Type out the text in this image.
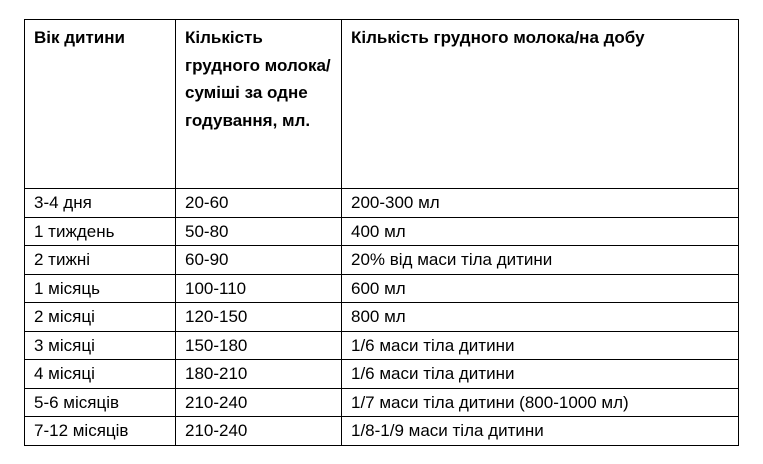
Вік дитини	Кількість грудного молока/суміші за одне годування, мл.	Кількість грудного молока/на добу

3-4 дня	20-60	200-300 мл

1 тиждень	50-80	400 мл

2 тижні	60-90	20% від маси тіла дитини

1 місяць	100-110	600 мл

2 місяці	120-150	800 мл

3 місяці	150-180	1/6 маси тіла дитини

4 місяці	180-210	1/6 маси тіла дитини

5-6 місяців	210-240	1/7 маси тіла дитини (800-1000 мл)

7-12 місяців	210-240	1/8-1/9 маси тіла дитини
